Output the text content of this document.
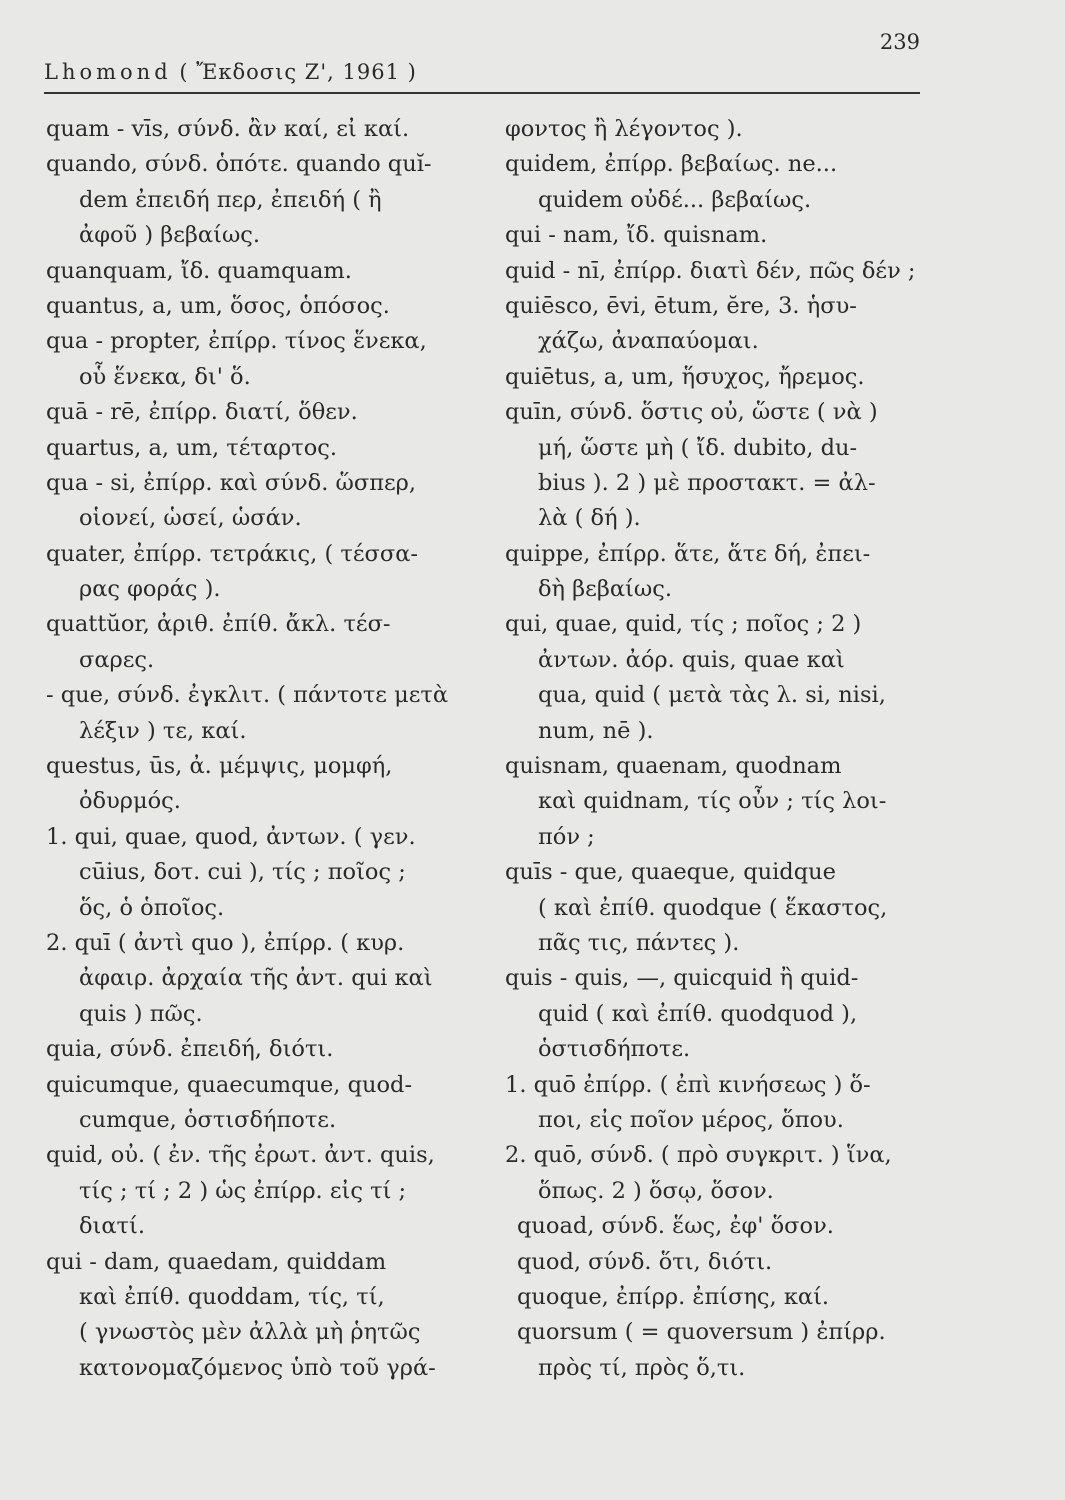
Lhomond ( Ἔκδοσις Ζ', 1961 )
239
quam - vīs, σύνδ. ἂν καί, εἰ καί.
quando, σύνδ. ὁπότε. quando quĭ-
dem ἐπειδή περ, ἐπειδή ( ἢ
ἀφοῦ ) βεβαίως.
quanquam, ἴδ. quamquam.
quantus, a, um, ὅσος, ὁπόσος.
qua - propter, ἐπίρρ. τίνος ἕνεκα,
οὗ ἕνεκα, δι' ὅ.
quā - rē, ἐπίρρ. διατί, ὅθεν.
quartus, a, um, τέταρτος.
qua - si, ἐπίρρ. καὶ σύνδ. ὥσπερ,
οἱονεί, ὡσεί, ὡσάν.
quater, ἐπίρρ. τετράκις, ( τέσσα-
ρας φοράς ).
quattŭor, ἀριθ. ἐπίθ. ἄκλ. τέσ-
σαρες.
- que, σύνδ. ἐγκλιτ. ( πάντοτε μετὰ
λέξιν ) τε, καί.
questus, ūs, ἀ. μέμψις, μομφή,
ὀδυρμός.
1. qui, quae, quod, ἀντων. ( γεν.
cūius, δοτ. cui ), τίς ; ποῖος ;
ὅς, ὁ ὁποῖος.
2. quī ( ἀντὶ quo ), ἐπίρρ. ( κυρ.
ἀφαιρ. ἀρχαία τῆς ἀντ. qui καὶ
quis ) πῶς.
quia, σύνδ. ἐπειδή, διότι.
quicumque, quaecumque, quod-
cumque, ὁστισδήποτε.
quid, οὐ. ( ἐν. τῆς ἐρωτ. ἀντ. quis,
τίς ; τί ; 2 ) ὡς ἐπίρρ. εἰς τί ;
διατί.
qui - dam, quaedam, quiddam
καὶ ἐπίθ. quoddam, τίς, τί,
( γνωστὸς μὲν ἀλλὰ μὴ ῥητῶς
κατονομαζόμενος ὑπὸ τοῦ γρά-
φοντος ἢ λέγοντος ).
quidem, ἐπίρρ. βεβαίως. ne...
quidem οὐδέ... βεβαίως.
qui - nam, ἴδ. quisnam.
quid - nī, ἐπίρρ. διατὶ δέν, πῶς δέν ;
quiēsco, ēvi, ētum, ĕre, 3. ἡσυ-
χάζω, ἀναπαύομαι.
quiētus, a, um, ἥσυχος, ἤρεμος.
quīn, σύνδ. ὅστις οὐ, ὥστε ( νὰ )
μή, ὥστε μὴ ( ἴδ. dubito, du-
bius ). 2 ) μὲ προστακτ. = ἀλ-
λὰ ( δή ).
quippe, ἐπίρρ. ἅτε, ἅτε δή, ἐπει-
δὴ βεβαίως.
qui, quae, quid, τίς ; ποῖος ; 2 )
ἀντων. ἀόρ. quis, quae καὶ
qua, quid ( μετὰ τὰς λ. si, nisi,
num, nē ).
quisnam, quaenam, quodnam
καὶ quidnam, τίς οὖν ; τίς λοι-
πόν ;
quīs - que, quaeque, quidque
( καὶ ἐπίθ. quodque ( ἕκαστος,
πᾶς τις, πάντες ).
quis - quis, —, quicquid ἢ quid-
quid ( καὶ ἐπίθ. quodquod ),
ὁστισδήποτε.
1. quō ἐπίρρ. ( ἐπὶ κινήσεως ) ὅ-
ποι, εἰς ποῖον μέρος, ὅπου.
2. quō, σύνδ. ( πρὸ συγκριτ. ) ἵνα,
ὅπως. 2 ) ὅσῳ, ὅσον.
quoad, σύνδ. ἕως, ἐφ' ὅσον.
quod, σύνδ. ὅτι, διότι.
quoque, ἐπίρρ. ἐπίσης, καί.
quorsum ( = quoversum ) ἐπίρρ.
πρὸς τί, πρὸς ὅ,τι.
